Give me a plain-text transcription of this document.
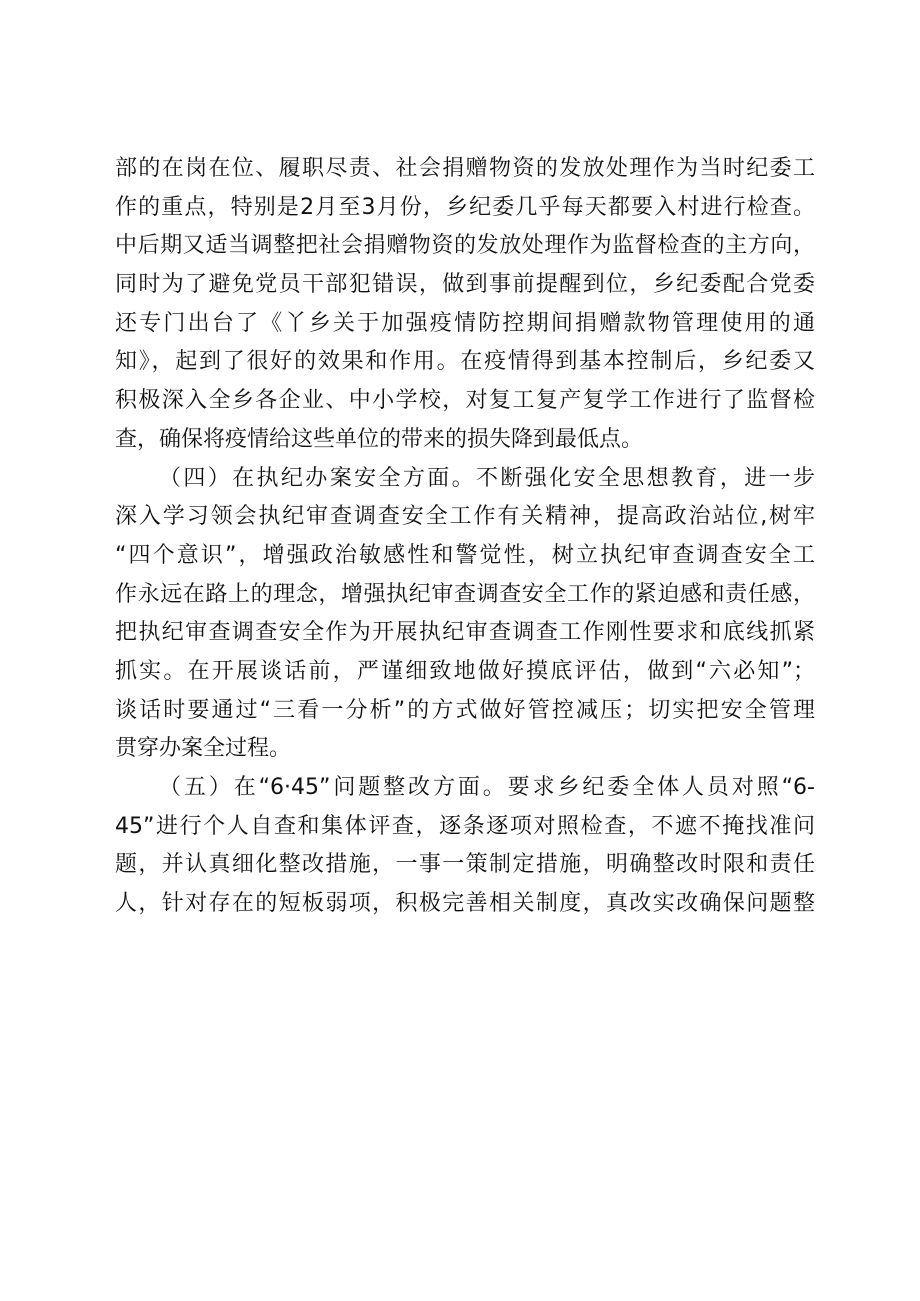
部的在岗在位、履职尽责、社会捐赠物资的发放处理作为当时纪委工
作的重点，特别是2月至3月份，乡纪委几乎每天都要入村进行检查。
中后期又适当调整把社会捐赠物资的发放处理作为监督检查的主方向，
同时为了避免党员干部犯错误，做到事前提醒到位，乡纪委配合党委
还专门出台了《丫乡关于加强疫情防控期间捐赠款物管理使用的通
知》，起到了很好的效果和作用。在疫情得到基本控制后，乡纪委又
积极深入全乡各企业、中小学校，对复工复产复学工作进行了监督检
查，确保将疫情给这些单位的带来的损失降到最低点。
（四）在执纪办案安全方面。不断强化安全思想教育，进一步
深入学习领会执纪审查调查安全工作有关精神，提高政治站位,树牢
“四个意识”，增强政治敏感性和警觉性，树立执纪审查调查安全工
作永远在路上的理念，增强执纪审查调查安全工作的紧迫感和责任感，
把执纪审查调查安全作为开展执纪审查调查工作刚性要求和底线抓紧
抓实。在开展谈话前，严谨细致地做好摸底评估，做到“六必知”；
谈话时要通过“三看一分析”的方式做好管控减压；切实把安全管理
贯穿办案全过程。
（五）在“6·45”问题整改方面。要求乡纪委全体人员对照“6-
45”进行个人自查和集体评查，逐条逐项对照检查，不遮不掩找准问
题，并认真细化整改措施，一事一策制定措施，明确整改时限和责任
人，针对存在的短板弱项，积极完善相关制度，真改实改确保问题整
